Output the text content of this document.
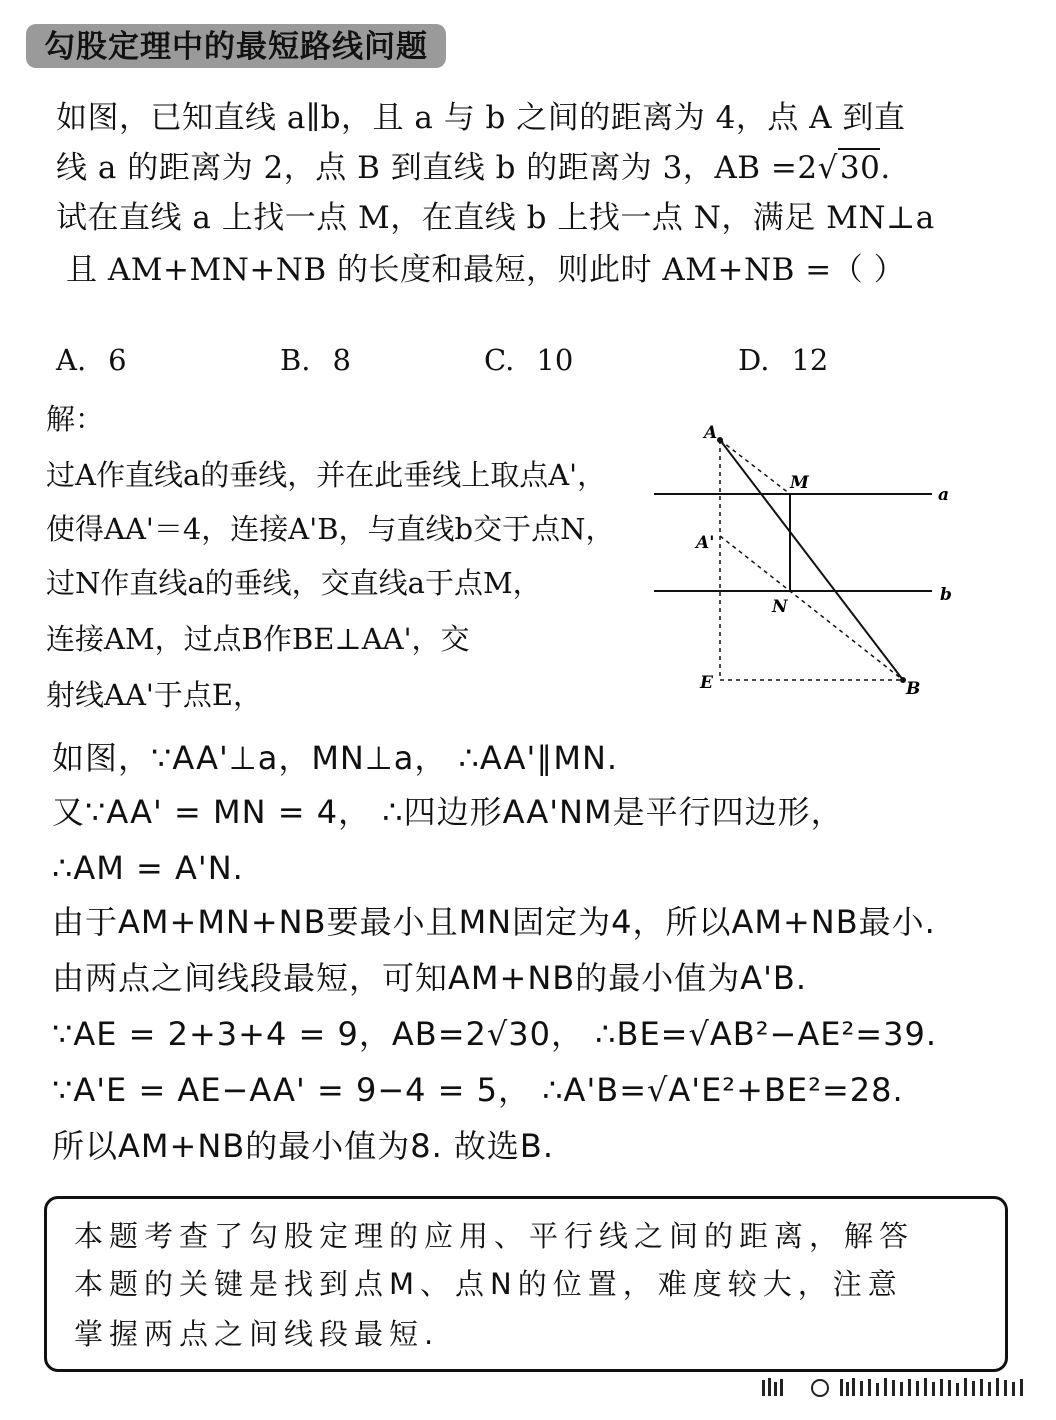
勾股定理中的最短路线问题
如图，已知直线 a∥b，且 a 与 b 之间的距离为 4，点 A 到直
线 a 的距离为 2，点 B 到直线 b 的距离为 3，AB =2√30.
试在直线 a 上找一点 M，在直线 b 上找一点 N，满足 MN⊥a
且 AM+MN+NB 的长度和最短，则此时 AM+NB =（ ）
A. 6	B. 8	C. 10	D. 12
解：
过A作直线a的垂线，并在此垂线上取点A'，
使得AA'＝4，连接A'B，与直线b交于点N，
过N作直线a的垂线，交直线a于点M，
连接AM，过点B作BE⊥AA'，交
射线AA'于点E，
A
M
a
A'
N
b
E	B
如图，∵AA'⊥a，MN⊥a， ∴AA'∥MN.
又∵AA' = MN = 4， ∴四边形AA'NM是平行四边形，
∴AM = A'N.
由于AM+MN+NB要最小且MN固定为4，所以AM+NB最小.
由两点之间线段最短，可知AM+NB的最小值为A'B.
∵AE = 2+3+4 = 9，AB=2√30， ∴BE=√AB²−AE²=39.
∵A'E = AE−AA' = 9−4 = 5， ∴A'B=√A'E²+BE²=28.
所以AM+NB的最小值为8. 故选B.
本题考查了勾股定理的应用、平行线之间的距离，解答
本题的关键是找到点M、点N的位置，难度较大，注意
掌握两点之间线段最短.
